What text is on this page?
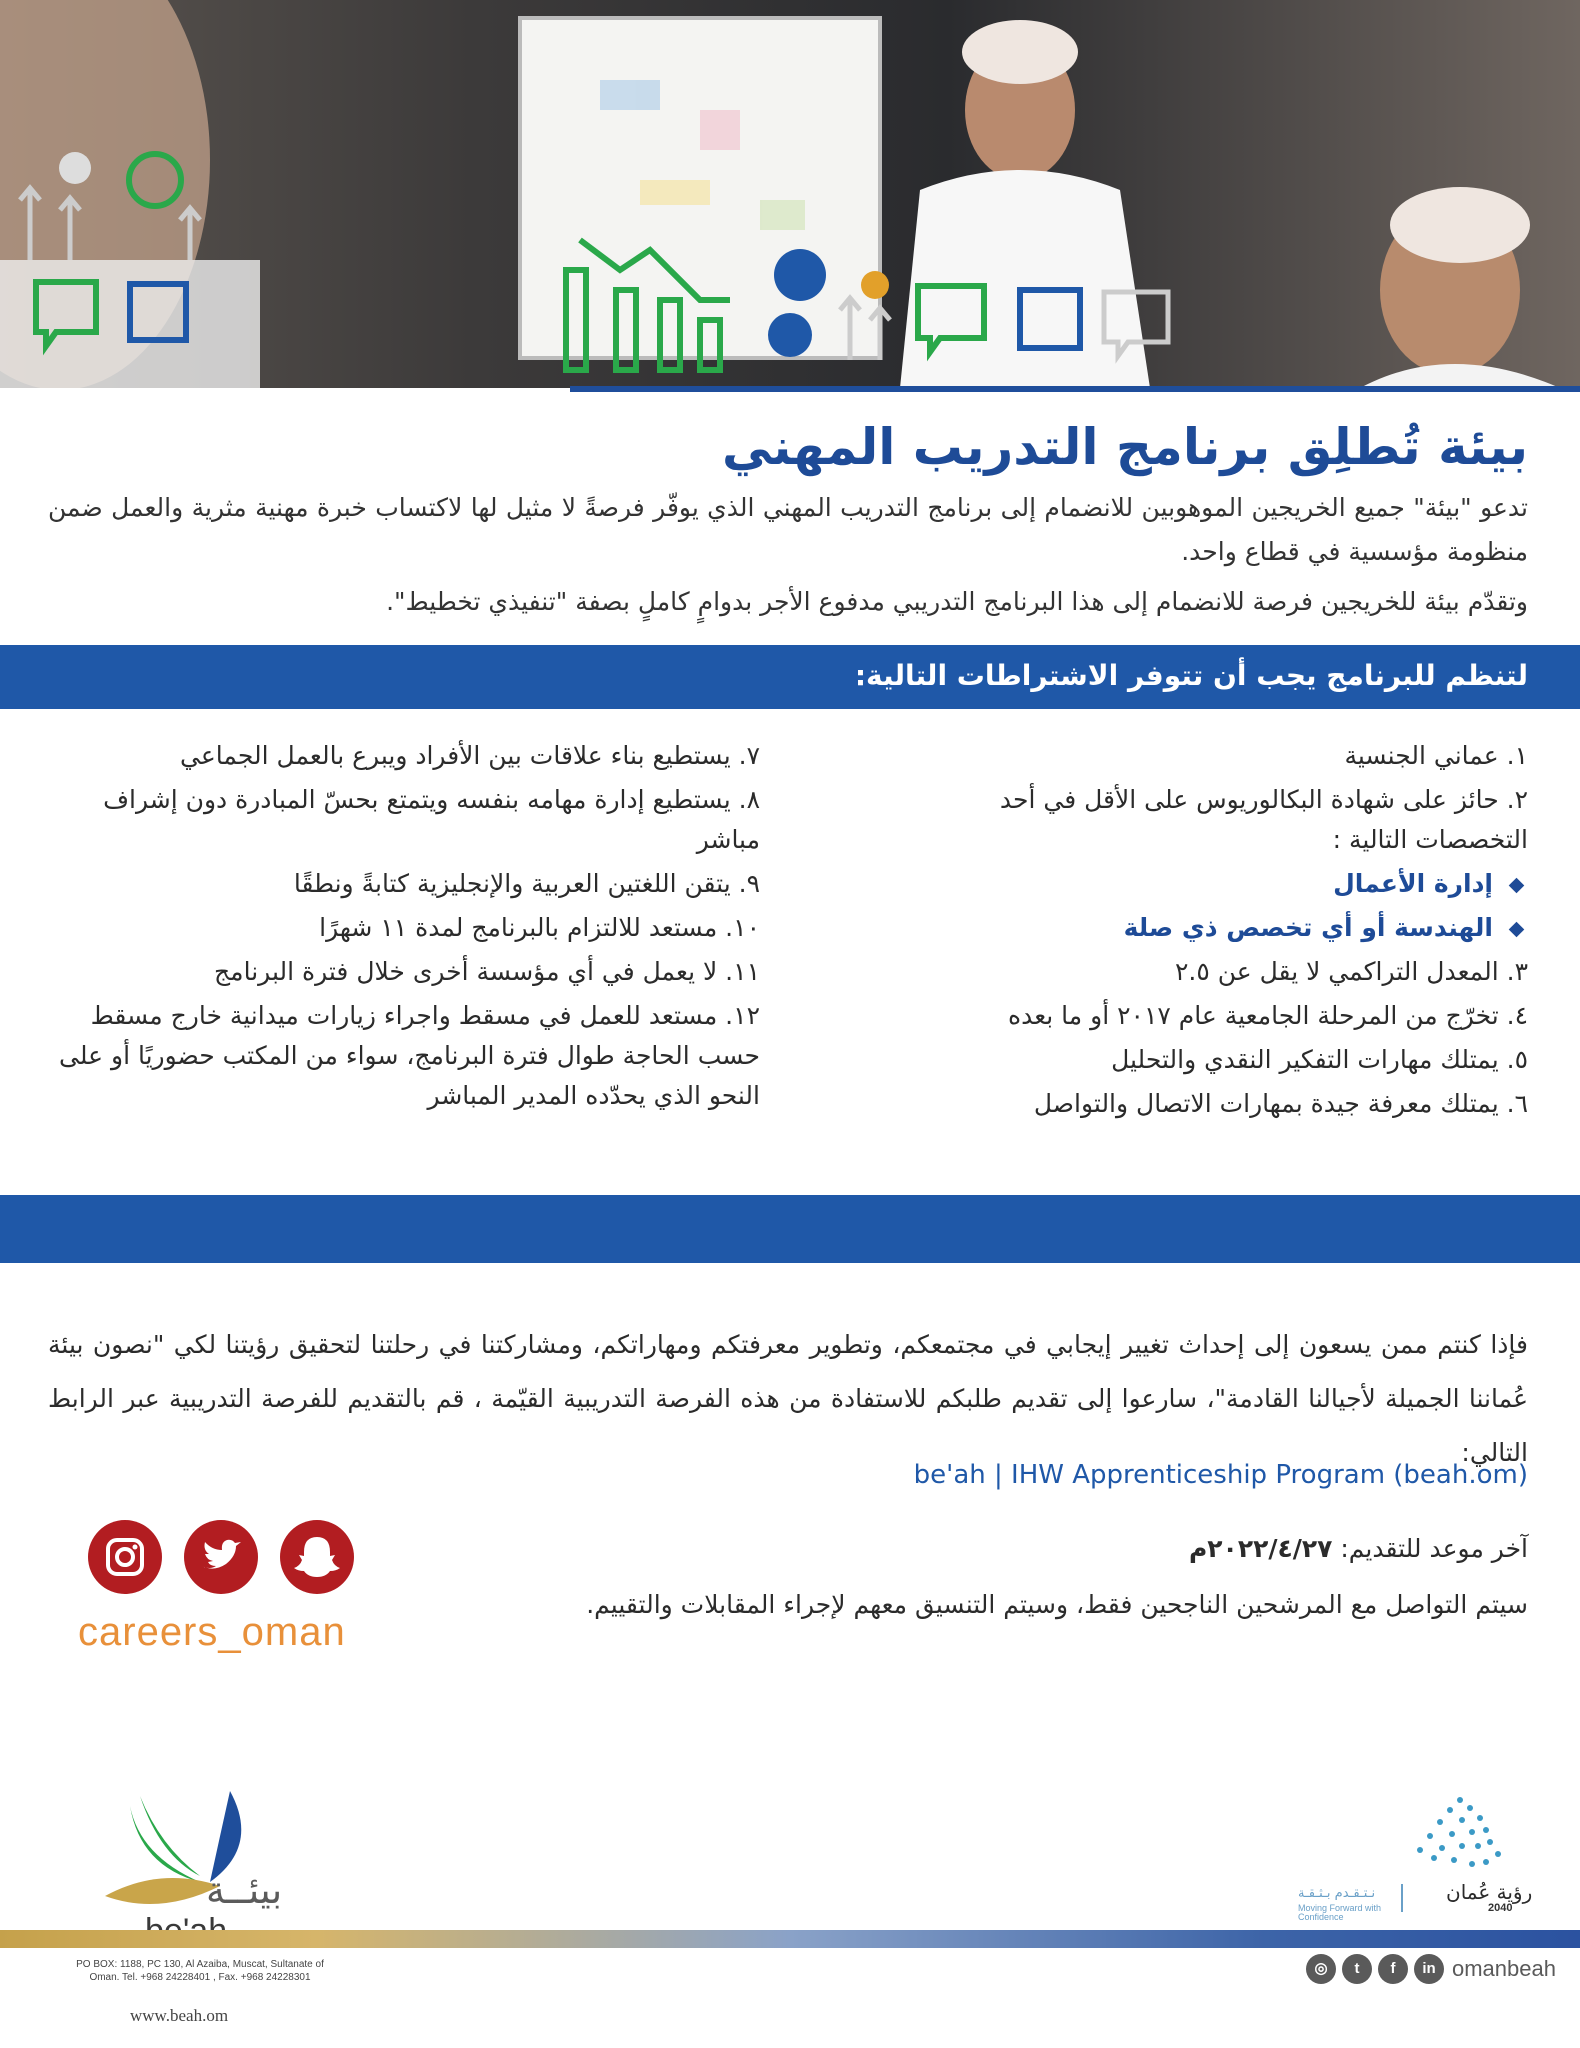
بيئة تُطلِق برنامج التدريب المهني
تدعو "بيئة" جميع الخريجين الموهوبين للانضمام إلى برنامج التدريب المهني الذي يوفّر فرصةً لا مثيل لها لاكتساب خبرة مهنية مثرية والعمل ضمن منظومة مؤسسية في قطاع واحد.
وتقدّم بيئة للخريجين فرصة للانضمام إلى هذا البرنامج التدريبي مدفوع الأجر بدوامٍ كاملٍ بصفة "تنفيذي تخطيط".
لتنظم للبرنامج يجب أن تتوفر الاشتراطات التالية:
١. عماني الجنسية
٢. حائز على شهادة البكالوريوس على الأقل في أحد التخصصات التالية :
إدارة الأعمال
الهندسة أو أي تخصص ذي صلة
٣. المعدل التراكمي لا يقل عن ٢.٥
٤. تخرّج من المرحلة الجامعية عام ٢٠١٧ أو ما بعده
٥. يمتلك مهارات التفكير النقدي والتحليل
٦. يمتلك معرفة جيدة بمهارات الاتصال والتواصل
٧. يستطيع بناء علاقات بين الأفراد ويبرع بالعمل الجماعي
٨. يستطيع إدارة مهامه بنفسه ويتمتع بحسّ المبادرة دون إشراف مباشر
٩. يتقن اللغتين العربية والإنجليزية كتابةً ونطقًا
١٠. مستعد للالتزام بالبرنامج لمدة ١١ شهرًا
١١. لا يعمل في أي مؤسسة أخرى خلال فترة البرنامج
١٢. مستعد للعمل في مسقط واجراء زيارات ميدانية خارج مسقط حسب الحاجة طوال فترة البرنامج، سواء من المكتب حضوريًا أو على النحو الذي يحدّده المدير المباشر
فإذا كنتم ممن يسعون إلى إحداث تغيير إيجابي في مجتمعكم، وتطوير معرفتكم ومهاراتكم، ومشاركتنا في رحلتنا لتحقيق رؤيتنا لكي "نصون بيئة عُماننا الجميلة لأجيالنا القادمة"، سارعوا إلى تقديم طلبكم للاستفادة من هذه الفرصة التدريبية القيّمة ، قم بالتقديم للفرصة التدريبية عبر الرابط التالي:
be'ah | IHW Apprenticeship Program (beah.om)
آخر موعد للتقديم: ٢٠٢٢/٤/٢٧م
سيتم التواصل مع المرشحين الناجحين فقط، وسيتم التنسيق معهم لإجراء المقابلات والتقييم.
careers_oman
بيئــة
PO BOX: 1188, PC 130, Al Azaiba, Muscat, Sultanate of Oman. Tel. +968 24228401 , Fax. +968 24228301
www.beah.om
رؤية عُمان
2040
نـتـقـدم بـثـقـة
Moving Forward with Confidence
◎	t	f	in omanbeah
